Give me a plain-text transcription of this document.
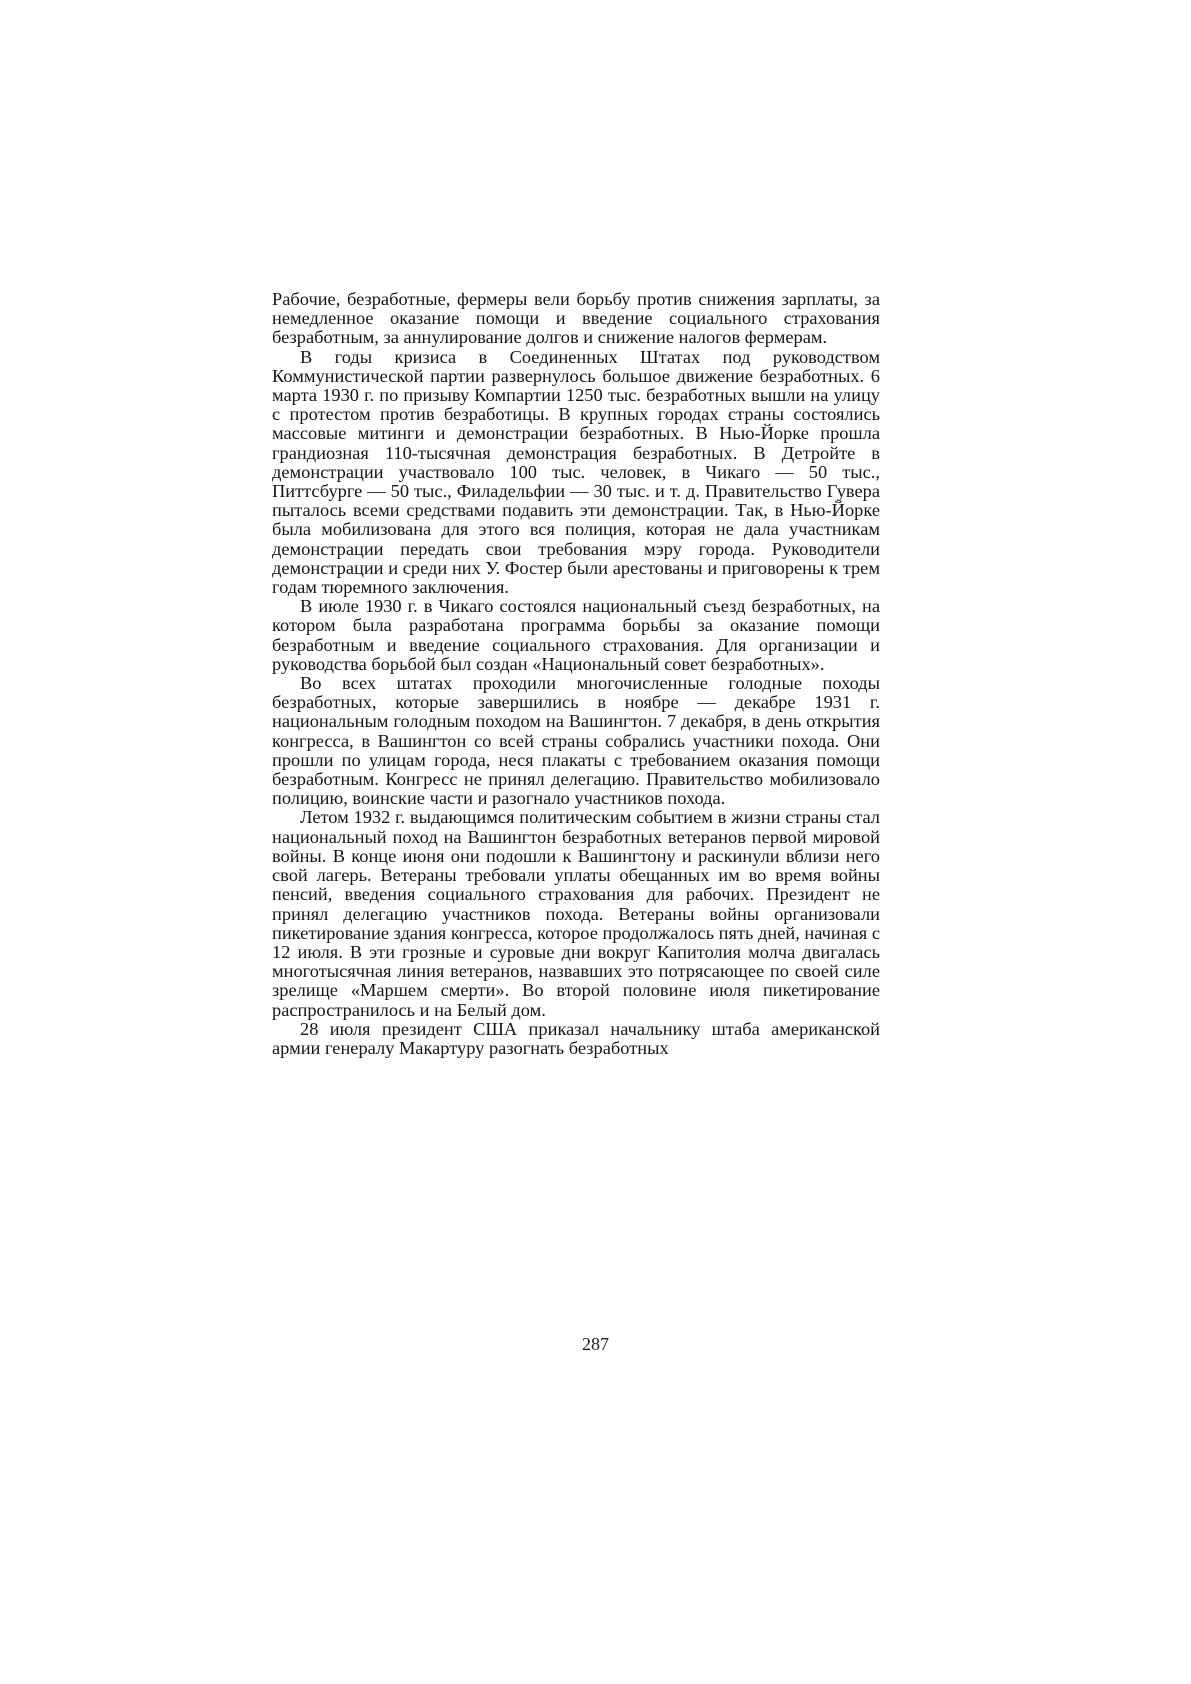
Рабочие, безработные, фермеры вели борьбу против снижения зарплаты, за немедленное оказание помощи и введение социального страхования безработным, за аннулирование долгов и снижение налогов фермерам.

В годы кризиса в Соединенных Штатах под руководством Коммунистической партии развернулось большое движение безработных. 6 марта 1930 г. по призыву Компартии 1250 тыс. безработных вышли на улицу с протестом против безработицы. В крупных городах страны состоялись массовые митинги и демонстрации безработных. В Нью-Йорке прошла грандиозная 110-тысячная демонстрация безработных. В Детройте в демонстрации участвовало 100 тыс. человек, в Чикаго — 50 тыс., Питтсбурге — 50 тыс., Филадельфии — 30 тыс. и т. д. Правительство Гувера пыталось всеми средствами подавить эти демонстрации. Так, в Нью-Йорке была мобилизована для этого вся полиция, которая не дала участникам демонстрации передать свои требования мэру города. Руководители демонстрации и среди них У. Фостер были арестованы и приговорены к трем годам тюремного заключения.

В июле 1930 г. в Чикаго состоялся национальный съезд безработных, на котором была разработана программа борьбы за оказание помощи безработным и введение социального страхования. Для организации и руководства борьбой был создан «Национальный совет безработных».

Во всех штатах проходили многочисленные голодные походы безработных, которые завершились в ноябре — декабре 1931 г. национальным голодным походом на Вашингтон. 7 декабря, в день открытия конгресса, в Вашингтон со всей страны собрались участники похода. Они прошли по улицам города, неся плакаты с требованием оказания помощи безработным. Конгресс не принял делегацию. Правительство мобилизовало полицию, воинские части и разогнало участников похода.

Летом 1932 г. выдающимся политическим событием в жизни страны стал национальный поход на Вашингтон безработных ветеранов первой мировой войны. В конце июня они подошли к Вашингтону и раскинули вблизи него свой лагерь. Ветераны требовали уплаты обещанных им во время войны пенсий, введения социального страхования для рабочих. Президент не принял делегацию участников похода. Ветераны войны организовали пикетирование здания конгресса, которое продолжалось пять дней, начиная с 12 июля. В эти грозные и суровые дни вокруг Капитолия молча двигалась многотысячная линия ветеранов, назвавших это потрясающее по своей силе зрелище «Маршем смерти». Во второй половине июля пикетирование распространилось и на Белый дом.

28 июля президент США приказал начальнику штаба американской армии генералу Макартуру разогнать безработных

287
